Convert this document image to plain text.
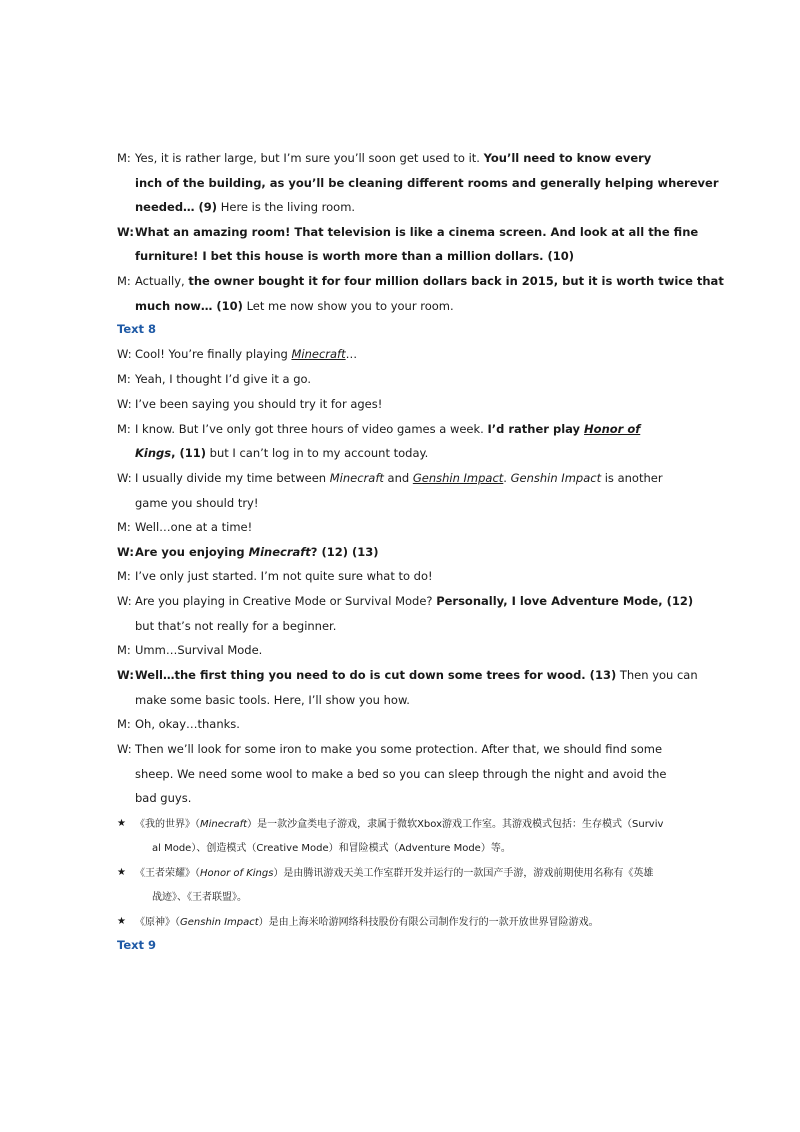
M: Yes, it is rather large, but I’m sure you’ll soon get used to it. You’ll need to know every
inch of the building, as you’ll be cleaning different rooms and generally helping wherever
needed… (9) Here is the living room.
W:What an amazing room! That television is like a cinema screen. And look at all the fine
furniture! I bet this house is worth more than a million dollars. (10)
M: Actually, the owner bought it for four million dollars back in 2015, but it is worth twice that
much now… (10) Let me now show you to your room.
W: Cool! You’re finally playing Minecraft…
M: Yeah, I thought I’d give it a go.
W: I’ve been saying you should try it for ages!
M: I know. But I’ve only got three hours of video games a week. I’d rather play Honor of
Kings, (11) but I can’t log in to my account today.
W: I usually divide my time between Minecraft and Genshin Impact. Genshin Impact is another
game you should try!
M: Well…one at a time!
W:Are you enjoying Minecraft? (12) (13)
M: I’ve only just started. I’m not quite sure what to do!
W: Are you playing in Creative Mode or Survival Mode? Personally, I love Adventure Mode, (12)
but that’s not really for a beginner.
M: Umm…Survival Mode.
W:Well…the first thing you need to do is cut down some trees for wood. (13) Then you can
make some basic tools. Here, I’ll show you how.
M: Oh, okay…thanks.
W: Then we’ll look for some iron to make you some protection. After that, we should find some
sheep. We need some wool to make a bed so you can sleep through the night and avoid the
bad guys.
Text 8
Text 9
★ 《我的世界》（Minecraft）是一款沙盒类电子游戏，隶属于微软Xbox游戏工作室。其游戏模式包括：生存模式（Surviv
al Mode）、创造模式（Creative Mode）和冒险模式（Adventure Mode）等。
★ 《王者荣耀》（Honor of Kings）是由腾讯游戏天美工作室群开发并运行的一款国产手游，游戏前期使用名称有《英雄
战迹》、《王者联盟》。
★ 《原神》（Genshin Impact）是由上海米哈游网络科技股份有限公司制作发行的一款开放世界冒险游戏。
